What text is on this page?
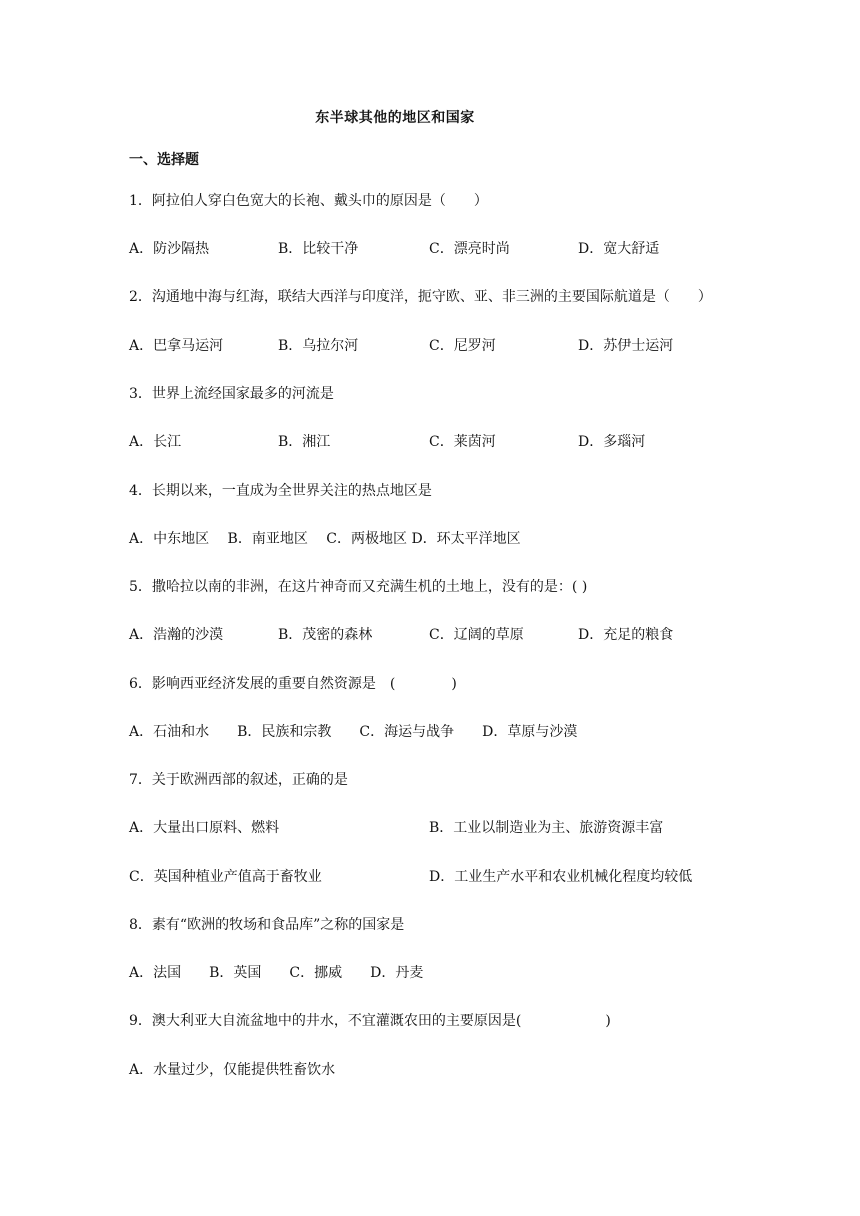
东半球其他的地区和国家
一、选择题
1．阿拉伯人穿白色宽大的长袍、戴头巾的原因是（　　）
A．防沙隔热	B．比较干净	C．漂亮时尚	D．宽大舒适
2．沟通地中海与红海，联结大西洋与印度洋，扼守欧、亚、非三洲的主要国际航道是（　　）
A．巴拿马运河	B．乌拉尔河	C．尼罗河	D．苏伊士运河
3．世界上流经国家最多的河流是
A．长江	B．湘江	C．莱茵河	D．多瑙河
4．长期以来，一直成为全世界关注的热点地区是
A．中东地区　 B．南亚地区　 C．两极地区 D．环太平洋地区
5．撒哈拉以南的非洲，在这片神奇而又充满生机的土地上，没有的是：( )
A．浩瀚的沙漠	B．茂密的森林	C．辽阔的草原	D．充足的粮食
6．影响西亚经济发展的重要自然资源是　(　　　　)
A．石油和水　　B．民族和宗教　　C．海运与战争　　D．草原与沙漠
7．关于欧洲西部的叙述，正确的是
A．大量出口原料、燃料	B．工业以制造业为主、旅游资源丰富
C．英国种植业产值高于畜牧业	D．工业生产水平和农业机械化程度均较低
8．素有“欧洲的牧场和食品库”之称的国家是
A．法国　　B．英国　　C．挪威　　D．丹麦
9．澳大利亚大自流盆地中的井水，不宜灌溉农田的主要原因是(　　　　　　)
A．水量过少，仅能提供牲畜饮水
